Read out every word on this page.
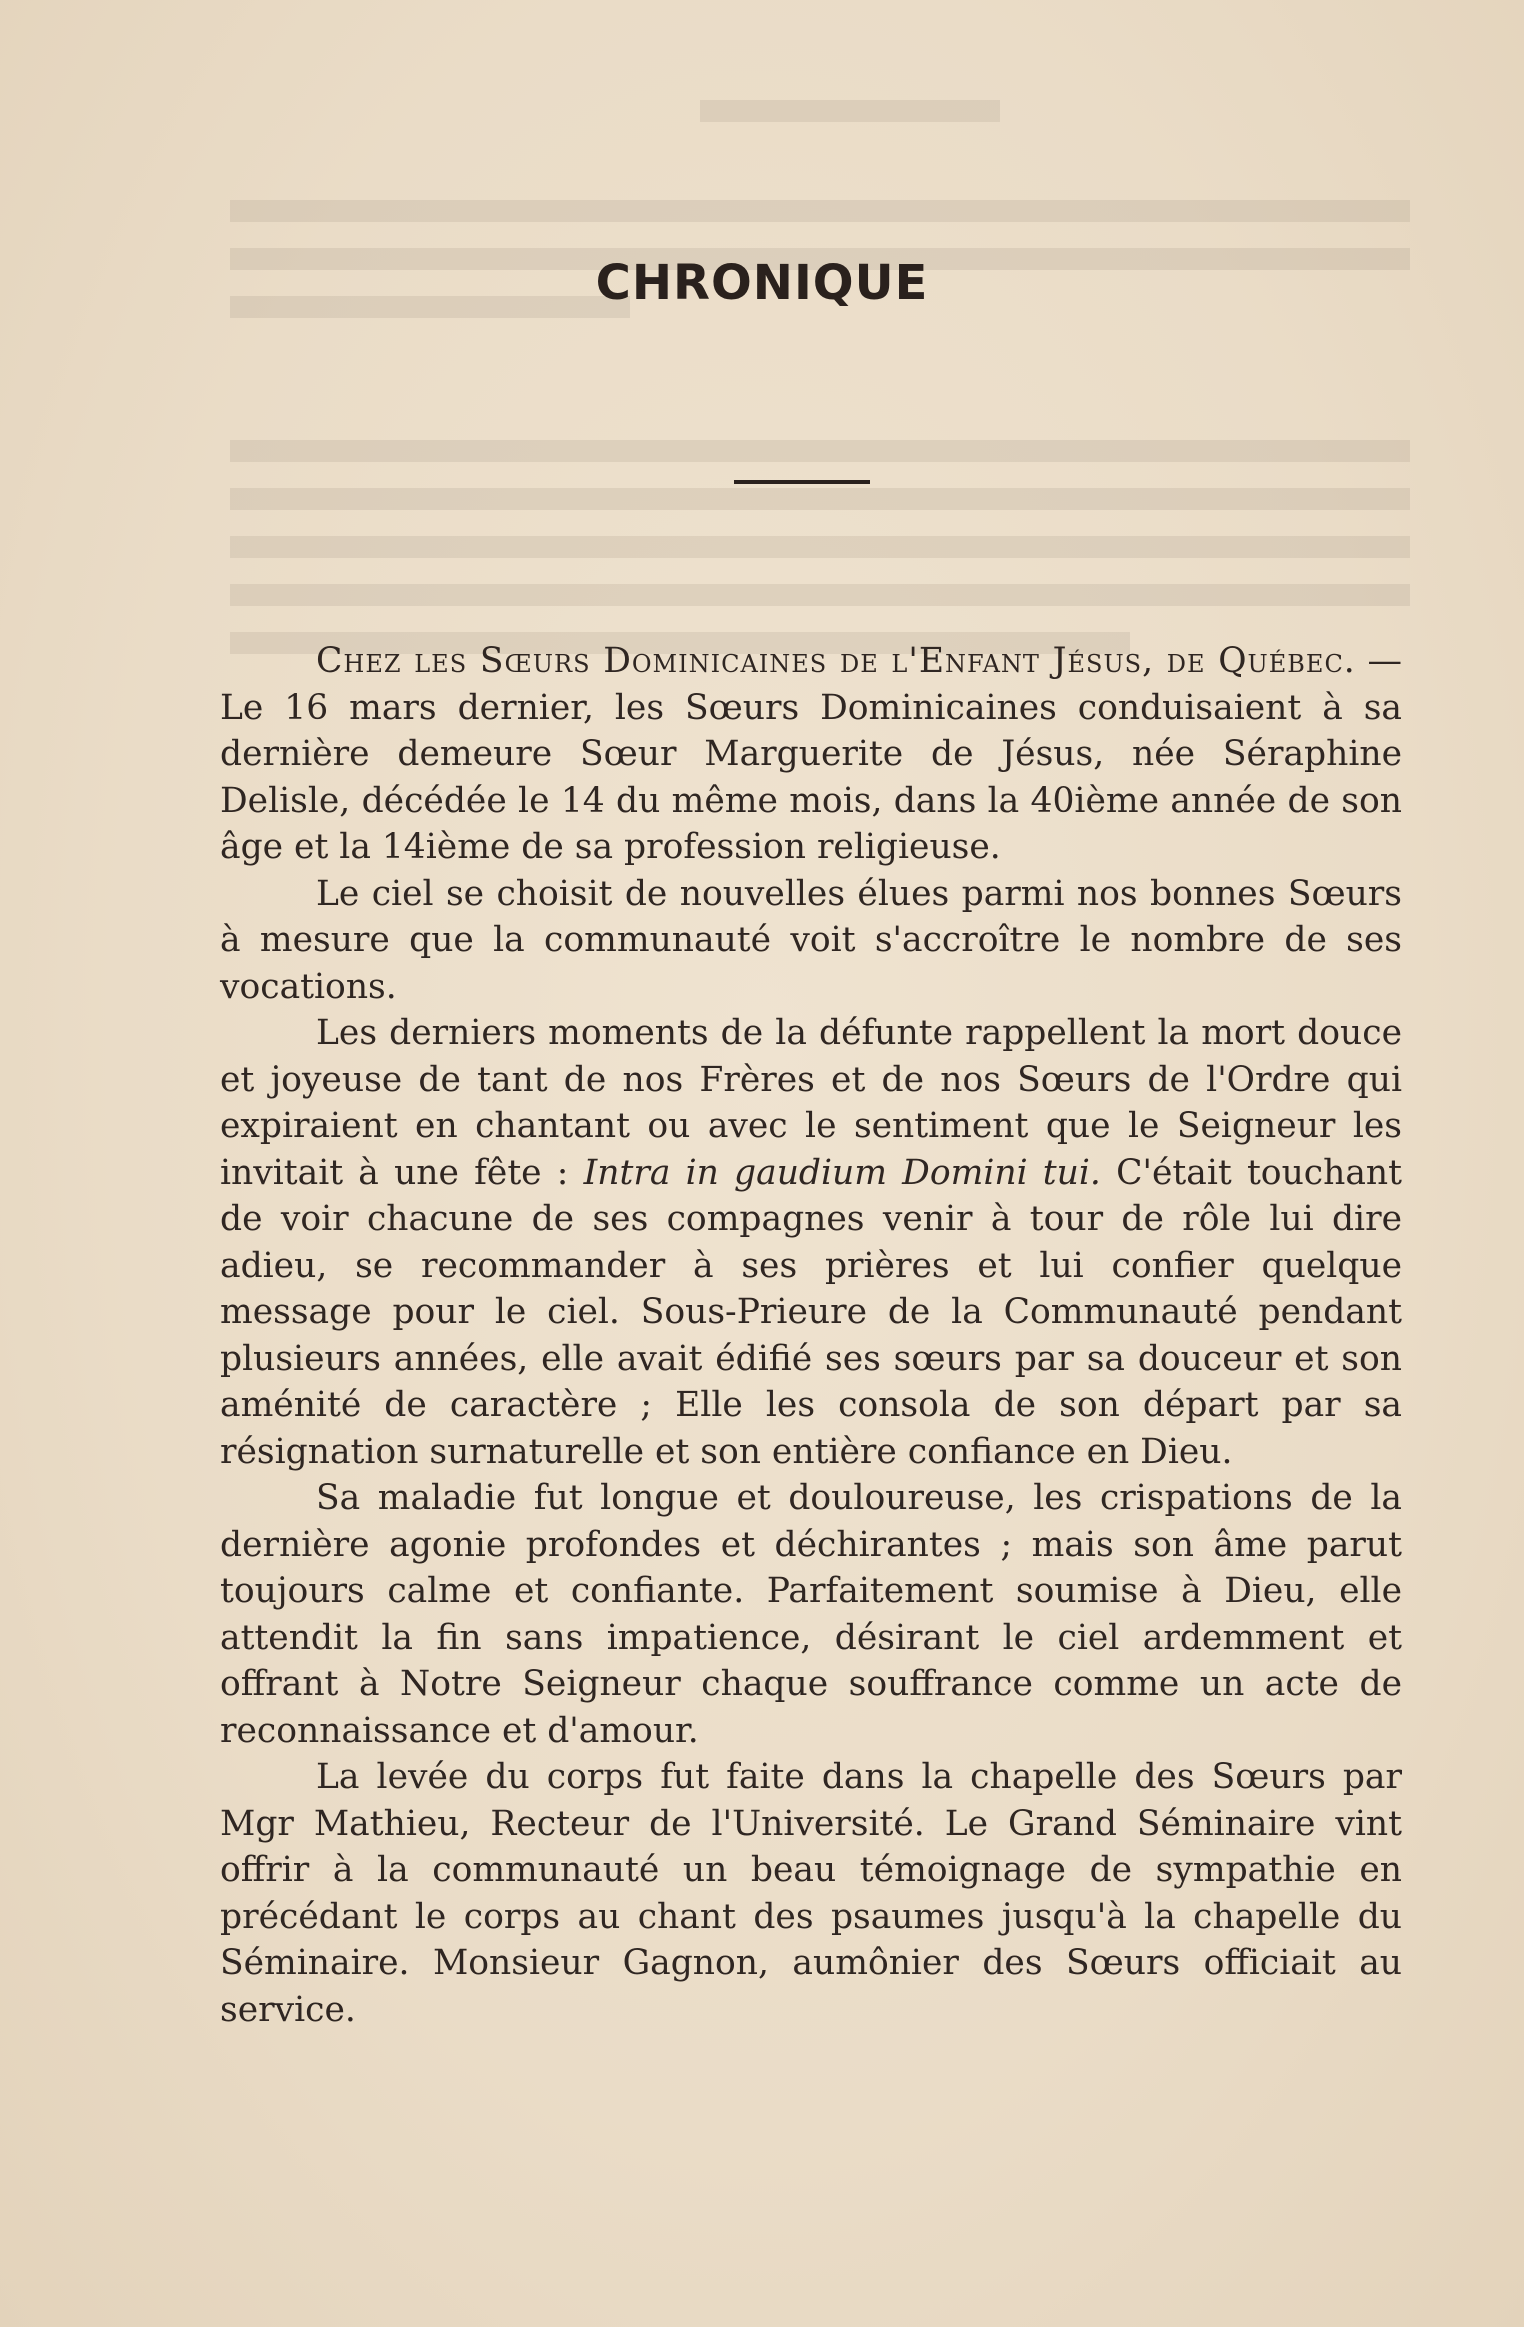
CHRONIQUE

Chez les Sœurs Dominicaines de l'Enfant Jésus, de Québec. — Le 16 mars dernier, les Sœurs Dominicaines conduisaient à sa dernière demeure Sœur Marguerite de Jésus, née Séraphine Delisle, décédée le 14 du même mois, dans la 40ième année de son âge et la 14ième de sa profession religieuse.

Le ciel se choisit de nouvelles élues parmi nos bonnes Sœurs à mesure que la communauté voit s'accroître le nombre de ses vocations.

Les derniers moments de la défunte rappellent la mort douce et joyeuse de tant de nos Frères et de nos Sœurs de l'Ordre qui expiraient en chantant ou avec le sentiment que le Seigneur les invitait à une fête : Intra in gaudium Domini tui. C'était touchant de voir chacune de ses compagnes venir à tour de rôle lui dire adieu, se recommander à ses prières et lui confier quelque message pour le ciel. Sous-Prieure de la Communauté pendant plusieurs années, elle avait édifié ses sœurs par sa douceur et son aménité de caractère ; Elle les consola de son départ par sa résignation surnaturelle et son entière confiance en Dieu.

Sa maladie fut longue et douloureuse, les crispations de la dernière agonie profondes et déchirantes ; mais son âme parut toujours calme et confiante. Parfaitement soumise à Dieu, elle attendit la fin sans impatience, désirant le ciel ardemment et offrant à Notre Seigneur chaque souffrance comme un acte de reconnaissance et d'amour.

La levée du corps fut faite dans la chapelle des Sœurs par Mgr Mathieu, Recteur de l'Université. Le Grand Séminaire vint offrir à la communauté un beau témoignage de sympathie en précédant le corps au chant des psaumes jusqu'à la chapelle du Séminaire. Monsieur Gagnon, aumônier des Sœurs officiait au service.
